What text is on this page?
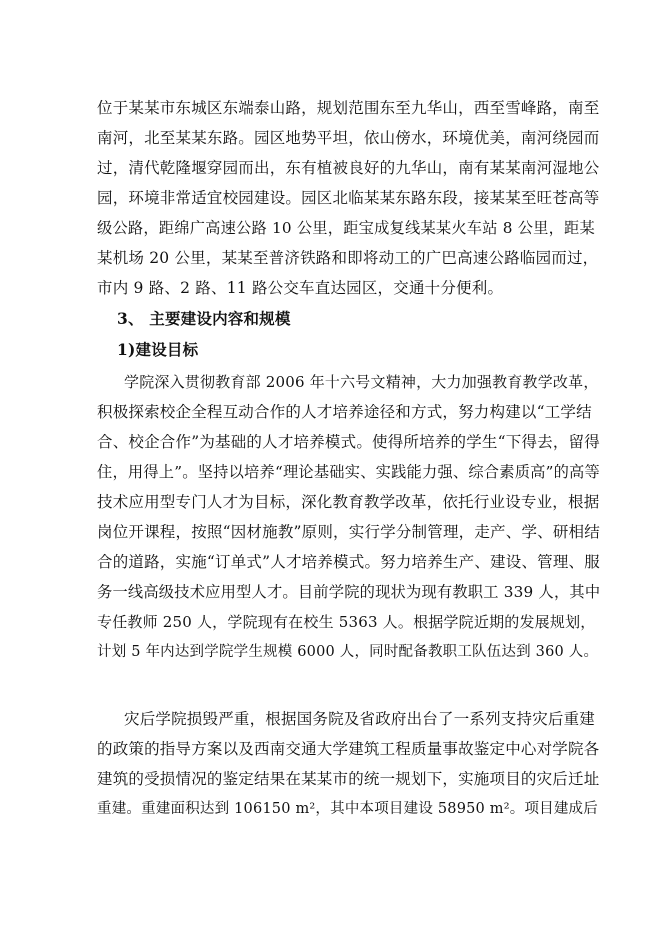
位于某某市东城区东端泰山路，规划范围东至九华山，西至雪峰路，南至
南河，北至某某东路。园区地势平坦，依山傍水，环境优美，南河绕园而
过，清代乾隆堰穿园而出，东有植被良好的九华山，南有某某南河湿地公
园，环境非常适宜校园建设。园区北临某某东路东段，接某某至旺苍高等
级公路，距绵广高速公路 10 公里，距宝成复线某某火车站 8 公里，距某
某机场 20 公里，某某至普济铁路和即将动工的广巴高速公路临园而过，
市内 9 路、2 路、11 路公交车直达园区，交通十分便利。
3、 主要建设内容和规模
1)建设目标
学院深入贯彻教育部 2006 年十六号文精神，大力加强教育教学改革，
积极探索校企全程互动合作的人才培养途径和方式，努力构建以“工学结
合、校企合作”为基础的人才培养模式。使得所培养的学生“下得去，留得
住，用得上”。坚持以培养“理论基础实、实践能力强、综合素质高”的高等
技术应用型专门人才为目标，深化教育教学改革，依托行业设专业，根据
岗位开课程，按照“因材施教”原则，实行学分制管理，走产、学、研相结
合的道路，实施“订单式”人才培养模式。努力培养生产、建设、管理、服
务一线高级技术应用型人才。目前学院的现状为现有教职工 339 人，其中
专任教师 250 人，学院现有在校生 5363 人。根据学院近期的发展规划，
计划 5 年内达到学院学生规模 6000 人，同时配备教职工队伍达到 360 人。
灾后学院损毁严重，根据国务院及省政府出台了一系列支持灾后重建
的政策的指导方案以及西南交通大学建筑工程质量事故鉴定中心对学院各
建筑的受损情况的鉴定结果在某某市的统一规划下，实施项目的灾后迁址
重建。重建面积达到 106150 m²，其中本项目建设 58950 m²。项目建成后
